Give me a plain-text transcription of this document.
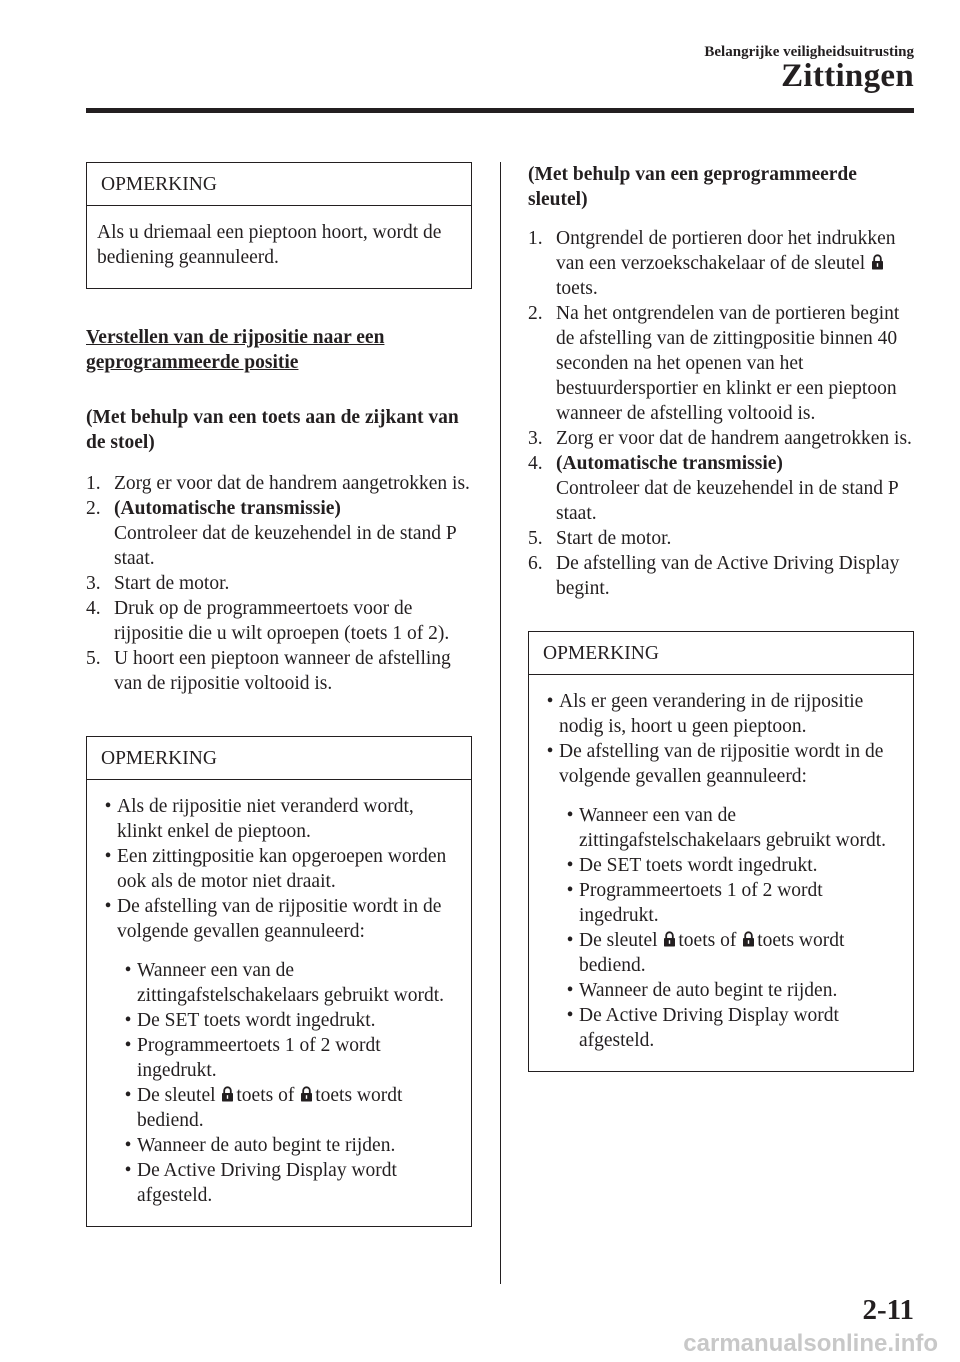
Belangrijke veiligheidsuitrusting
Zittingen
OPMERKING
Als u driemaal een pieptoon hoort, wordt de bediening geannuleerd.
Verstellen van de rijpositie naar een geprogrammeerde positie
(Met behulp van een toets aan de zijkant van de stoel)
1. Zorg er voor dat de handrem aangetrokken is.
2. (Automatische transmissie)
Controleer dat de keuzehendel in de stand P staat.
3. Start de motor.
4. Druk op de programmeertoets voor de rijpositie die u wilt oproepen (toets 1 of 2).
5. U hoort een pieptoon wanneer de afstelling van de rijpositie voltooid is.
OPMERKING
• Als de rijpositie niet veranderd wordt, klinkt enkel de pieptoon.
• Een zittingpositie kan opgeroepen worden ook als de motor niet draait.
• De afstelling van de rijpositie wordt in de volgende gevallen geannuleerd:
• Wanneer een van de zittingafstelschakelaars gebruikt wordt.
• De SET toets wordt ingedrukt.
• Programmeertoets 1 of 2 wordt ingedrukt.
• De sleutel toets of toets wordt bediend.
• Wanneer de auto begint te rijden.
• De Active Driving Display wordt afgesteld.
(Met behulp van een geprogrammeerde sleutel)
1. Ontgrendel de portieren door het indrukken van een verzoekschakelaar of de sleutel toets.
2. Na het ontgrendelen van de portieren begint de afstelling van de zittingpositie binnen 40 seconden na het openen van het bestuurdersportier en klinkt er een pieptoon wanneer de afstelling voltooid is.
3. Zorg er voor dat de handrem aangetrokken is.
4. (Automatische transmissie)
Controleer dat de keuzehendel in de stand P staat.
5. Start de motor.
6. De afstelling van de Active Driving Display begint.
OPMERKING
• Als er geen verandering in de rijpositie nodig is, hoort u geen pieptoon.
• De afstelling van de rijpositie wordt in de volgende gevallen geannuleerd:
• Wanneer een van de zittingafstelschakelaars gebruikt wordt.
• De SET toets wordt ingedrukt.
• Programmeertoets 1 of 2 wordt ingedrukt.
• De sleutel toets of toets wordt bediend.
• Wanneer de auto begint te rijden.
• De Active Driving Display wordt afgesteld.
2-11
carmanualsonline.info
